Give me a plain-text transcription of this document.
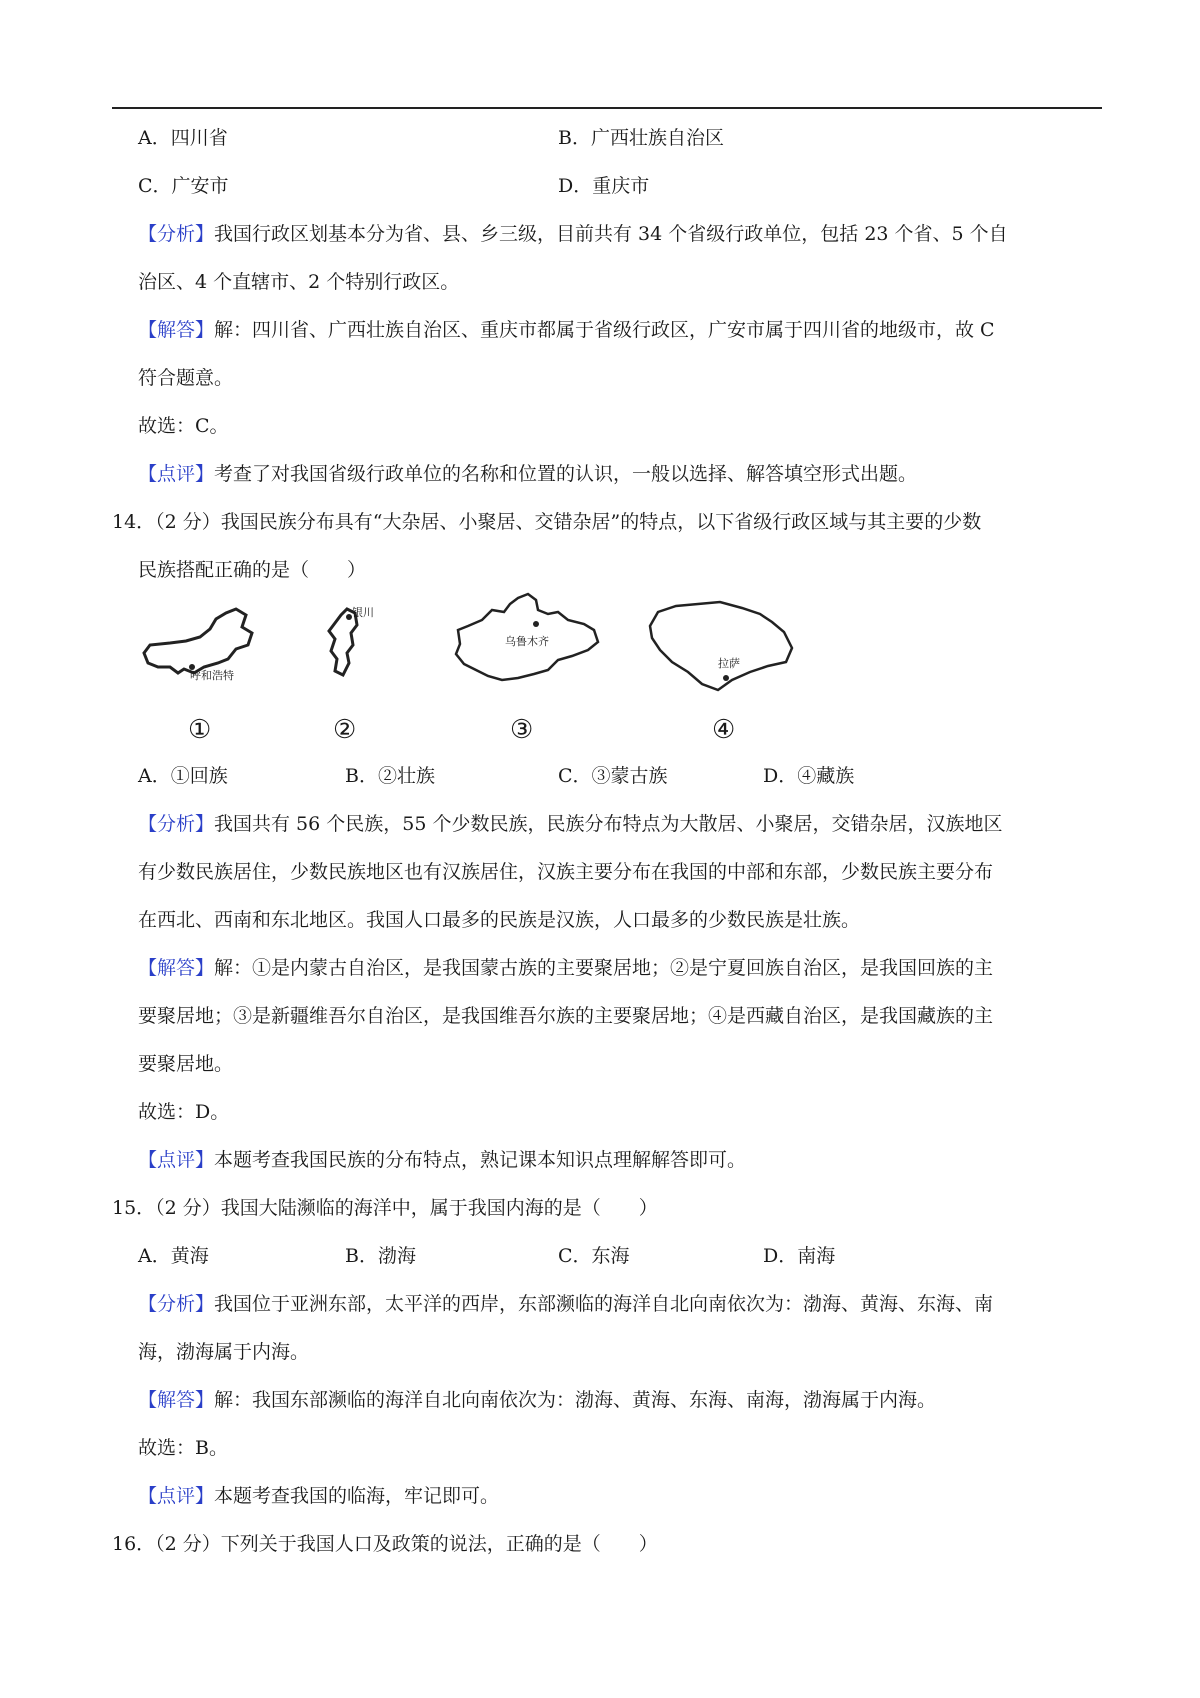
A．四川省	B．广西壮族自治区
C．广安市	D．重庆市
【分析】我国行政区划基本分为省、县、乡三级，目前共有 34 个省级行政单位，包括 23 个省、5 个自
治区、4 个直辖市、2 个特别行政区。
【解答】解：四川省、广西壮族自治区、重庆市都属于省级行政区，广安市属于四川省的地级市，故 C
符合题意。
故选：C。
【点评】考查了对我国省级行政单位的名称和位置的认识，一般以选择、解答填空形式出题。
14．（2 分）我国民族分布具有“大杂居、小聚居、交错杂居”的特点，以下省级行政区域与其主要的少数
民族搭配正确的是（　　）
呼和浩特
银川
乌鲁木齐
拉萨
①	②	③	④
A．①回族	B．②壮族	C．③蒙古族	D．④藏族
【分析】我国共有 56 个民族，55 个少数民族，民族分布特点为大散居、小聚居，交错杂居，汉族地区
有少数民族居住，少数民族地区也有汉族居住，汉族主要分布在我国的中部和东部，少数民族主要分布
在西北、西南和东北地区。我国人口最多的民族是汉族，人口最多的少数民族是壮族。
【解答】解：①是内蒙古自治区，是我国蒙古族的主要聚居地；②是宁夏回族自治区，是我国回族的主
要聚居地；③是新疆维吾尔自治区，是我国维吾尔族的主要聚居地；④是西藏自治区，是我国藏族的主
要聚居地。
故选：D。
【点评】本题考查我国民族的分布特点，熟记课本知识点理解解答即可。
15．（2 分）我国大陆濒临的海洋中，属于我国内海的是（　　）
A．黄海	B．渤海	C．东海	D．南海
【分析】我国位于亚洲东部，太平洋的西岸，东部濒临的海洋自北向南依次为：渤海、黄海、东海、南
海，渤海属于内海。
【解答】解：我国东部濒临的海洋自北向南依次为：渤海、黄海、东海、南海，渤海属于内海。
故选：B。
【点评】本题考查我国的临海，牢记即可。
16．（2 分）下列关于我国人口及政策的说法，正确的是（　　）
